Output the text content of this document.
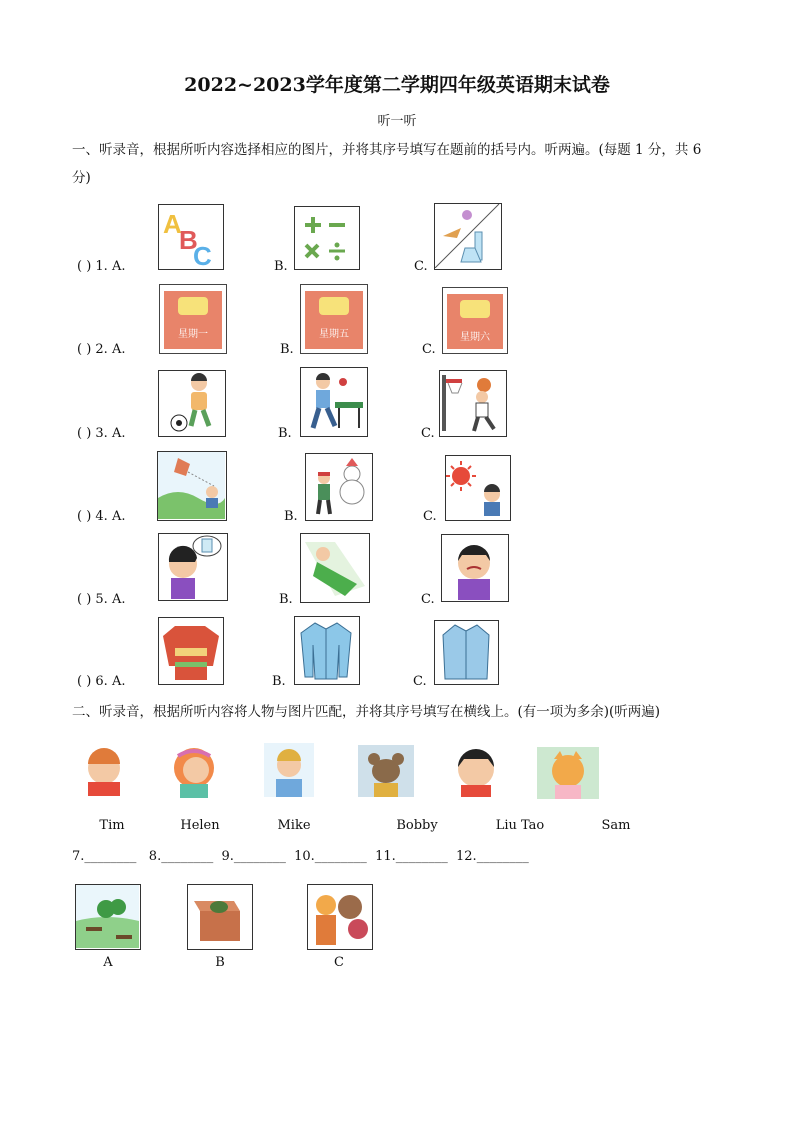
2022~2023学年度第二学期四年级英语期末试卷
听一听
一、听录音，根据所听内容选择相应的图片，并将其序号填写在题前的括号内。听两遍。(每题 1 分，共 6 分)
( ) 1. A.	B.	C.
( ) 2. A.	B.	C.
( ) 3. A.	B.	C.
( ) 4. A.	B.	C.
( ) 5. A.	B.	C.
( ) 6. A.	B.	C.
A
B
C
星期一	星期五	星期六
二、听录音，根据所听内容将人物与图片匹配，并将其序号填写在横线上。(有一项为多余)(听两遍)
Tim	Helen	Mike	Bobby	Liu Tao	Sam
7.________   8.________  9.________  10.________  11.________  12.________
A	B	C
